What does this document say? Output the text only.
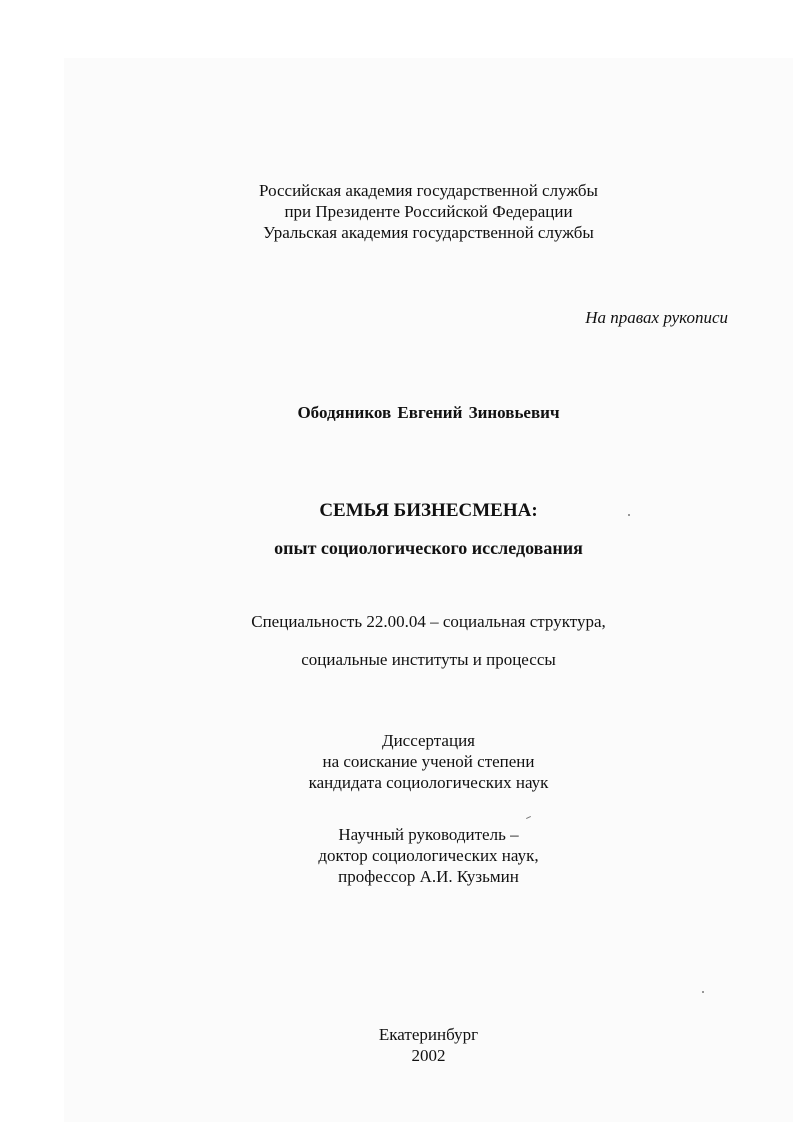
Российская академия государственной службы
при Президенте Российской Федерации
Уральская академия государственной службы
На правах рукописи
Ободяников Евгений Зиновьевич
СЕМЬЯ БИЗНЕСМЕНА:
опыт социологического исследования
Специальность 22.00.04 – социальная структура,
социальные институты и процессы
Диссертация
на соискание ученой степени
кандидата социологических наук
Научный руководитель –
доктор социологических наук,
профессор А.И. Кузьмин
Екатеринбург
2002
